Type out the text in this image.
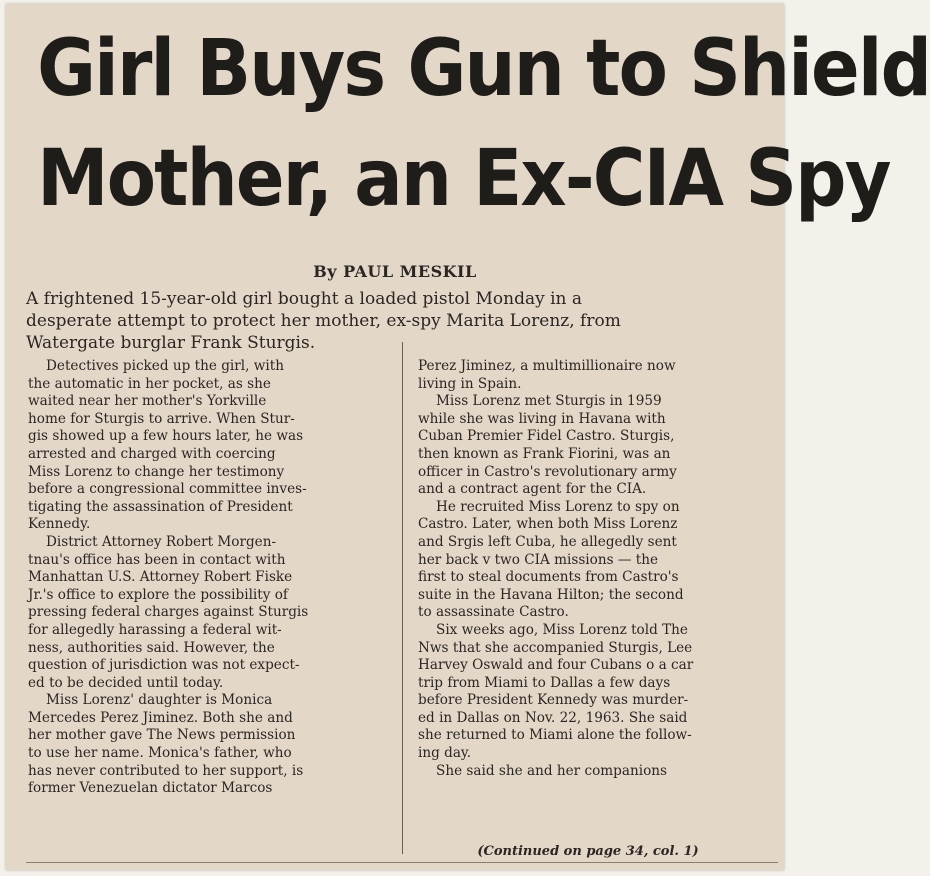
Girl Buys Gun to Shield
Mother, an Ex-CIA Spy
By PAUL MESKIL

A frightened 15-year-old girl bought a loaded pistol Monday in a
desperate attempt to protect her mother, ex-spy Marita Lorenz, from
Watergate burglar Frank Sturgis.

Detectives picked up the girl, with
the automatic in her pocket, as she
waited near her mother's Yorkville
home for Sturgis to arrive. When Stur-
gis showed up a few hours later, he was
arrested and charged with coercing
Miss Lorenz to change her testimony
before a congressional committee inves-
tigating the assassination of President
Kennedy.

District Attorney Robert Morgen-
tnau's office has been in contact with
Manhattan U.S. Attorney Robert Fiske
Jr.'s office to explore the possibility of
pressing federal charges against Sturgis
for allegedly harassing a federal wit-
ness, authorities said. However, the
question of jurisdiction was not expect-
ed to be decided until today.

Miss Lorenz' daughter is Monica
Mercedes Perez Jiminez. Both she and
her mother gave The News permission
to use her name. Monica's father, who
has never contributed to her support, is
former Venezuelan dictator Marcos

Perez Jiminez, a multimillionaire now
living in Spain.

Miss Lorenz met Sturgis in 1959
while she was living in Havana with
Cuban Premier Fidel Castro. Sturgis,
then known as Frank Fiorini, was an
officer in Castro's revolutionary army
and a contract agent for the CIA.

He recruited Miss Lorenz to spy on
Castro. Later, when both Miss Lorenz
and Srgis left Cuba, he allegedly sent
her back v two CIA missions — the
first to steal documents from Castro's
suite in the Havana Hilton; the second
to assassinate Castro.

Six weeks ago, Miss Lorenz told The
Nws that she accompanied Sturgis, Lee
Harvey Oswald and four Cubans o a car
trip from Miami to Dallas a few days
before President Kennedy was murder-
ed in Dallas on Nov. 22, 1963. She said
she returned to Miami alone the follow-
ing day.

She said she and her companions

(Continued on page 34, col. 1)
